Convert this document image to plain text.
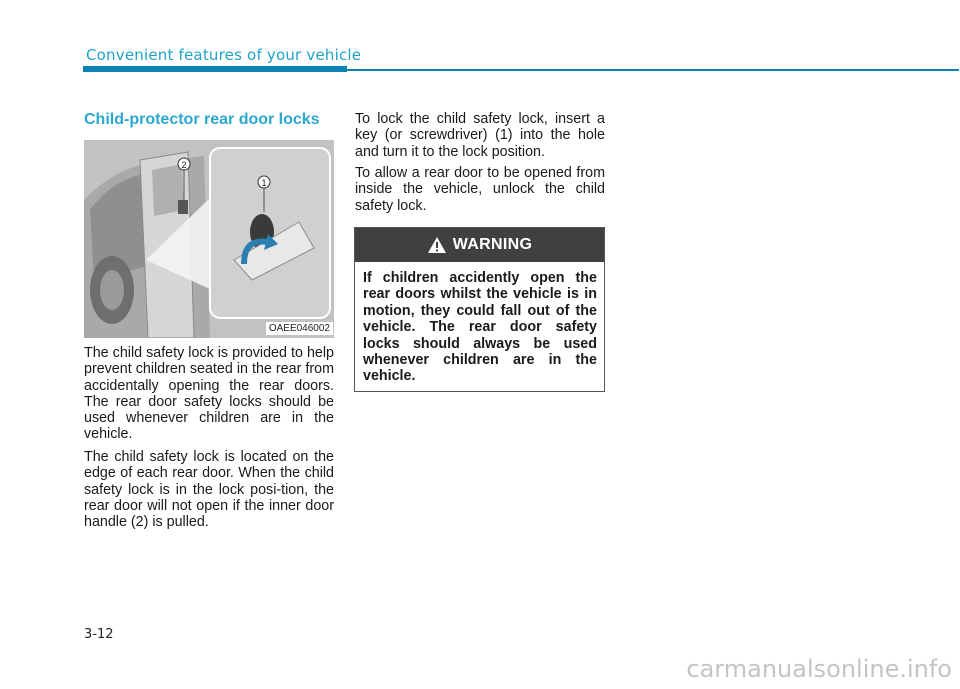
Convenient features of your vehicle
Child-protector rear door locks
1
2
OAEE046002

The child safety lock is provided to help prevent children seated in the rear from accidentally opening the rear doors. The rear door safety locks should be used whenever children are in the vehicle.

The child safety lock is located on the edge of each rear door. When the child safety lock is in the lock posi-tion, the rear door will not open if the inner door handle (2) is pulled.

To lock the child safety lock, insert a key (or screwdriver) (1) into the hole and turn it to the lock position.

To allow a rear door to be opened from inside the vehicle, unlock the child safety lock.

WARNING
If children accidently open the rear doors whilst the vehicle is in motion, they could fall out of the vehicle. The rear door safety locks should always be used whenever children are in the vehicle.
3-12
carmanualsonline.info
